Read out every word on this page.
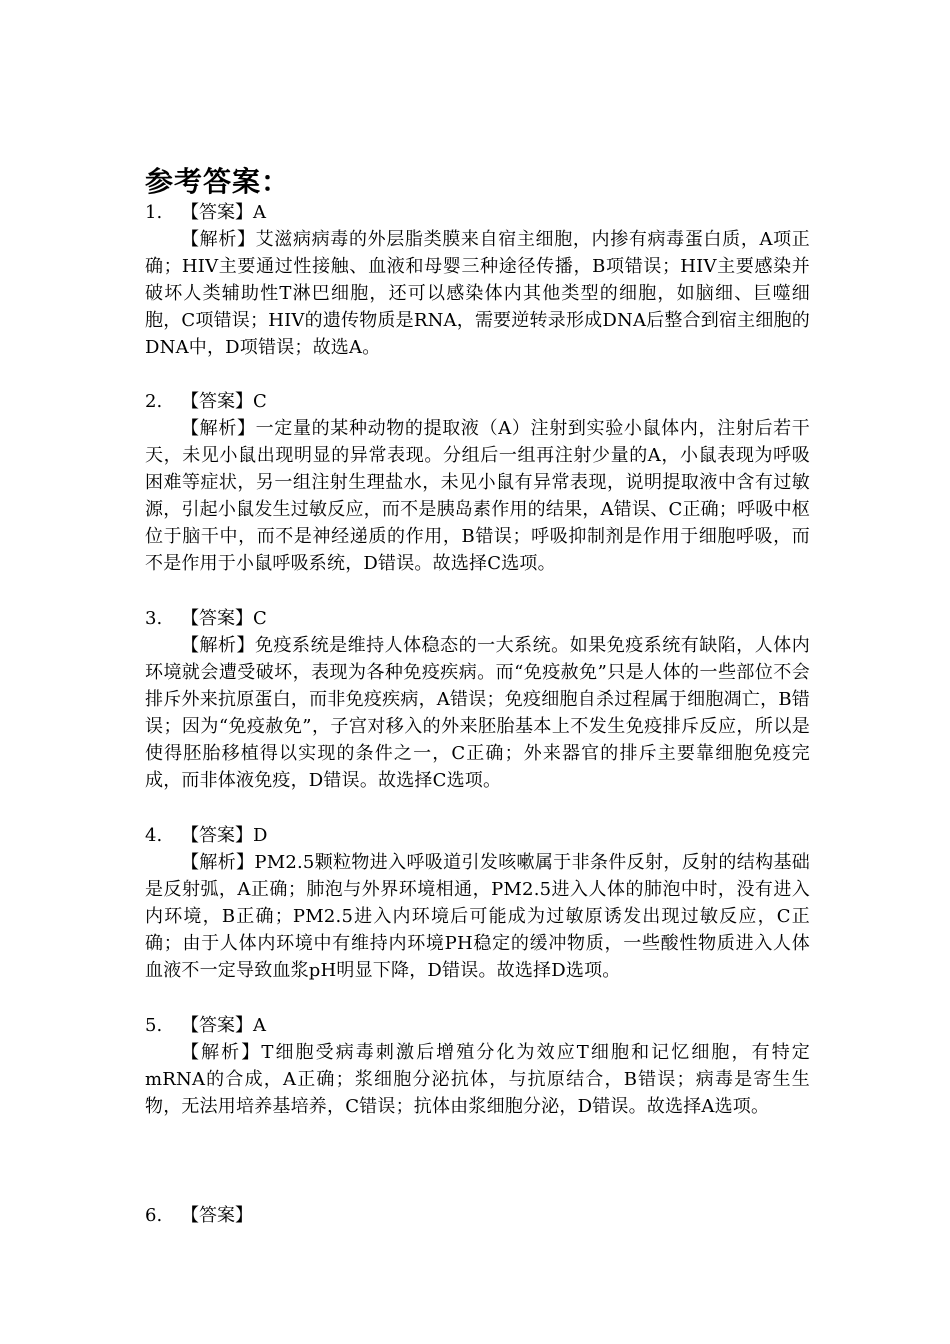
参考答案：
1. 【答案】A
【解析】艾滋病病毒的外层脂类膜来自宿主细胞，内掺有病毒蛋白质，A项正确；HIV主要通过性接触、血液和母婴三种途径传播，B项错误；HIV主要感染并破坏人类辅助性T淋巴细胞，还可以感染体内其他类型的细胞，如脑细、巨噬细胞，C项错误；HIV的遗传物质是RNA，需要逆转录形成DNA后整合到宿主细胞的DNA中，D项错误；故选A。
2. 【答案】C
【解析】一定量的某种动物的提取液（A）注射到实验小鼠体内，注射后若干天，未见小鼠出现明显的异常表现。分组后一组再注射少量的A，小鼠表现为呼吸困难等症状，另一组注射生理盐水，未见小鼠有异常表现，说明提取液中含有过敏源，引起小鼠发生过敏反应，而不是胰岛素作用的结果，A错误、C正确；呼吸中枢位于脑干中，而不是神经递质的作用，B错误；呼吸抑制剂是作用于细胞呼吸，而不是作用于小鼠呼吸系统，D错误。故选择C选项。
3. 【答案】C
【解析】免疫系统是维持人体稳态的一大系统。如果免疫系统有缺陷，人体内环境就会遭受破坏，表现为各种免疫疾病。而“免疫赦免”只是人体的一些部位不会排斥外来抗原蛋白，而非免疫疾病，A错误；免疫细胞自杀过程属于细胞凋亡，B错误；因为“免疫赦免”，子宫对移入的外来胚胎基本上不发生免疫排斥反应，所以是使得胚胎移植得以实现的条件之一，C正确；外来器官的排斥主要靠细胞免疫完成，而非体液免疫，D错误。故选择C选项。
4. 【答案】D
【解析】PM2.5颗粒物进入呼吸道引发咳嗽属于非条件反射，反射的结构基础是反射弧，A正确；肺泡与外界环境相通，PM2.5进入人体的肺泡中时，没有进入内环境，B正确；PM2.5进入内环境后可能成为过敏原诱发出现过敏反应，C正确；由于人体内环境中有维持内环境PH稳定的缓冲物质，一些酸性物质进入人体血液不一定导致血浆pH明显下降，D错误。故选择D选项。
5. 【答案】A
【解析】T细胞受病毒刺激后增殖分化为效应T细胞和记忆细胞，有特定mRNA的合成，A正确；浆细胞分泌抗体，与抗原结合，B错误；病毒是寄生生物，无法用培养基培养，C错误；抗体由浆细胞分泌，D错误。故选择A选项。
6. 【答案】
